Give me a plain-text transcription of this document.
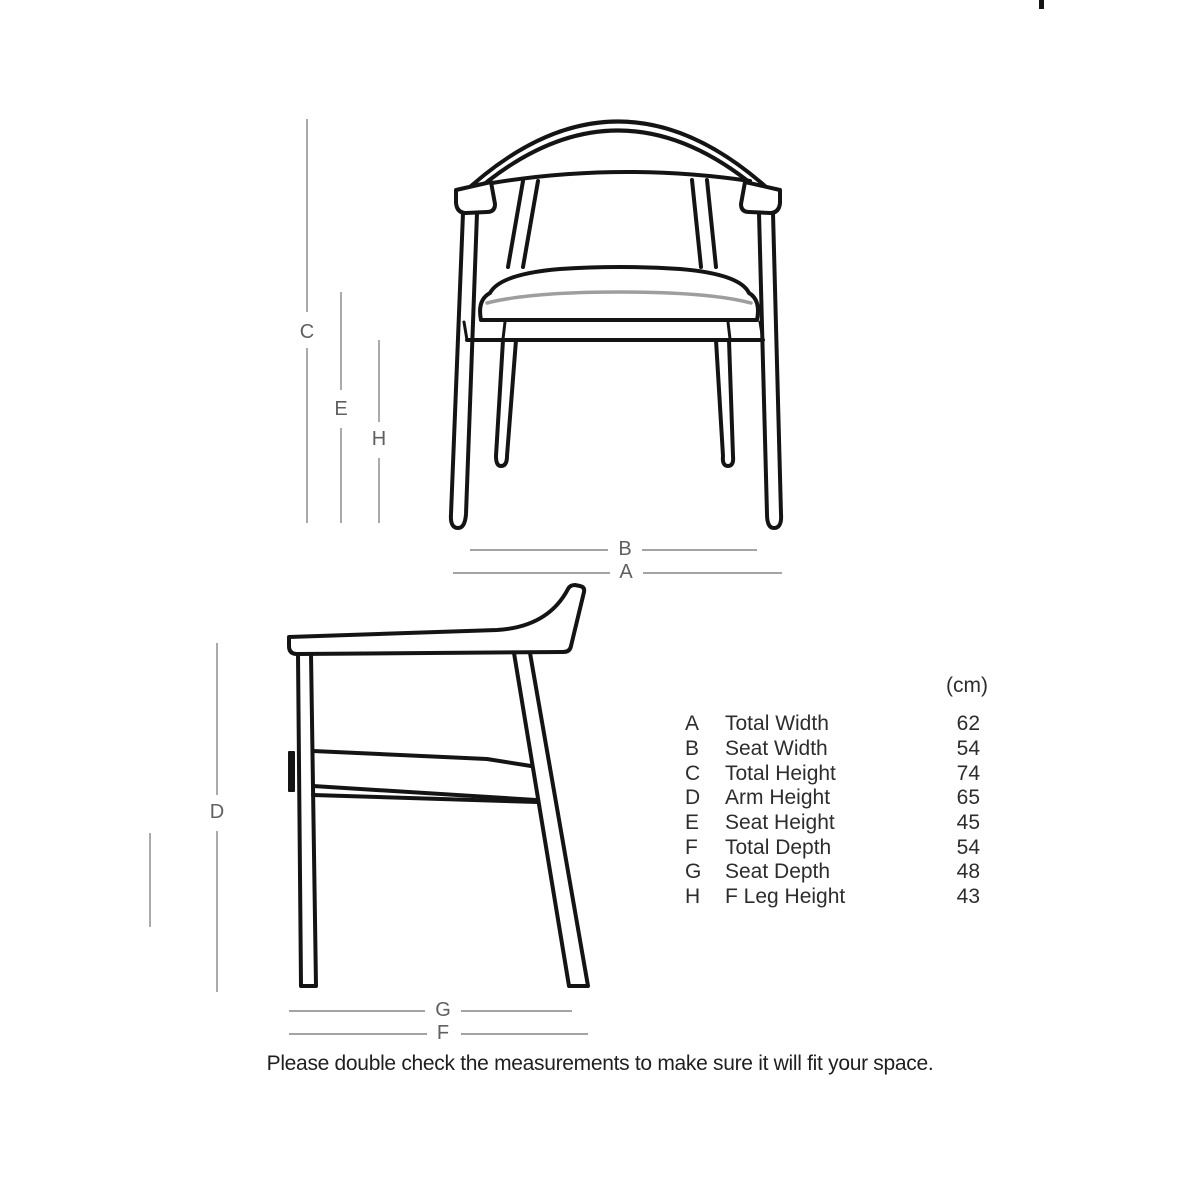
C
E
H
B
A
D
G
F
(cm)
A	Total Width	62
B	Seat Width	54
C	Total Height	74
D	Arm Height	65
E	Seat Height	45
F	Total Depth	54
G	Seat Depth	48
H	F Leg Height	43
Please double check the measurements to make sure it will fit your space.
